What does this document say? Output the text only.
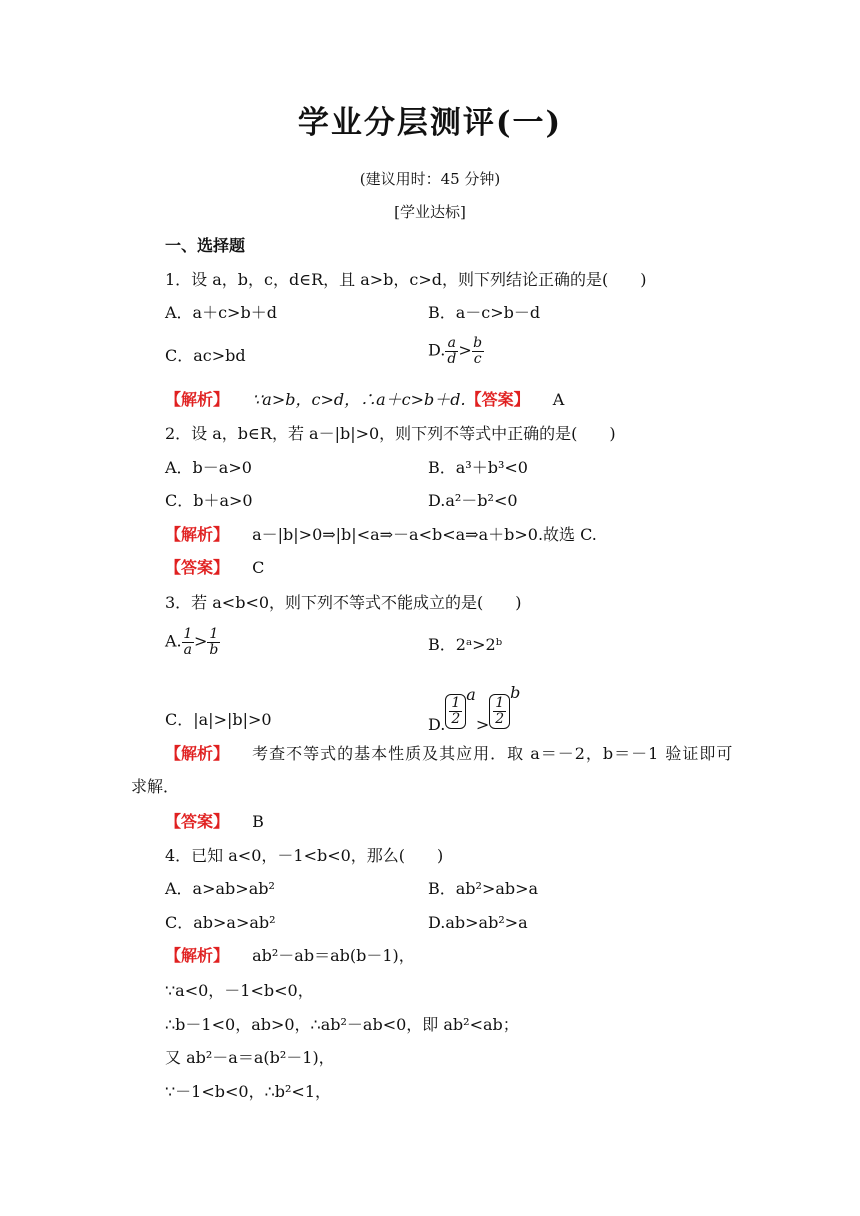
学业分层测评(一)
(建议用时：45 分钟)
[学业达标]
一、选择题
1．设 a，b，c，d∈R，且 a>b，c>d，则下列结论正确的是(　　)
A．a＋c>b＋d	B．a－c>b－d
C．ac>bd	D. $\frac{a}{d} > \frac{b}{c}$
【解析】 ∵a>b，c>d，∴a＋c>b＋d.【答案】 A
2．设 a，b∈R，若 a－|b|>0，则下列不等式中正确的是(　　)
A．b－a>0	B．a³＋b³<0
C．b＋a>0	D.a²－b²<0
【解析】 a－|b|>0⇒|b|<a⇒－a<b<a⇒a＋b>0.故选 C.
【答案】 C
3．若 a<b<0，则下列不等式不能成立的是(　　)
A. $\frac{1}{a} > \frac{1}{b}$	B．2ᵃ>2ᵇ
C．|a|>|b|>0	D. $\frac{1}{2}$
$a> \frac{1}{2}$
b
【解析】 考查不等式的基本性质及其应用．取 a＝－2，b＝－1 验证即可
求解．
【答案】 B
4．已知 a<0，－1<b<0，那么(　　)
A．a>ab>ab²	B．ab²>ab>a
C．ab>a>ab²	D.ab>ab²>a
【解析】 ab²－ab＝ab(b－1)，
∵a<0，－1<b<0，
∴b－1<0，ab>0，∴ab²－ab<0，即 ab²<ab；
又 ab²－a＝a(b²－1)，
∵－1<b<0，∴b²<1，
